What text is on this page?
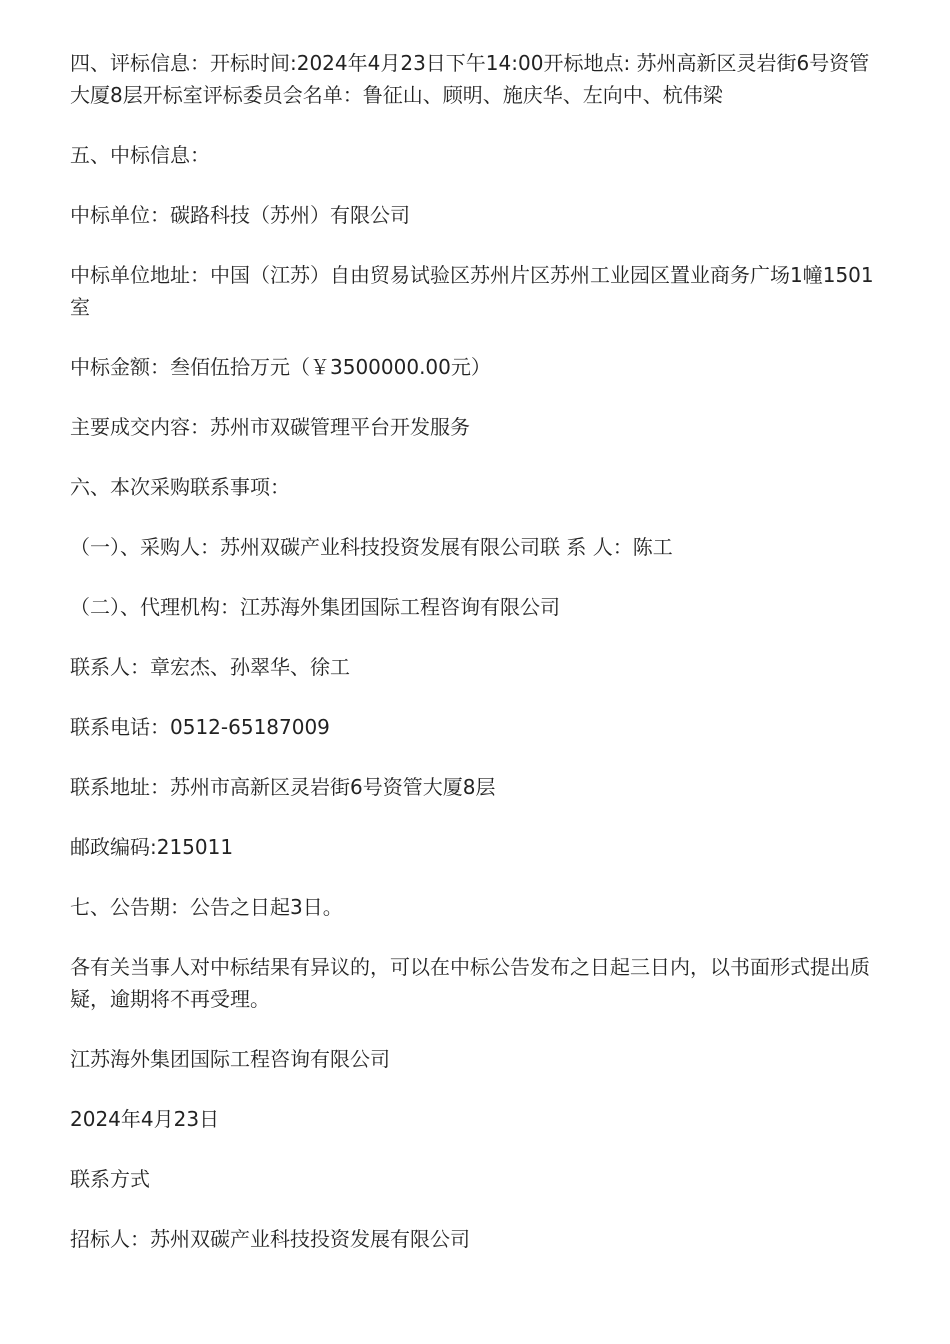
四、评标信息：开标时间:2024年4月23日下午14:00开标地点: 苏州高新区灵岩街6号资管大厦8层开标室评标委员会名单：鲁征山、顾明、施庆华、左向中、杭伟梁

五、中标信息：

中标单位：碳路科技（苏州）有限公司

中标单位地址：中国（江苏）自由贸易试验区苏州片区苏州工业园区置业商务广场1幢1501室

中标金额：叁佰伍拾万元（￥3500000.00元）

主要成交内容：苏州市双碳管理平台开发服务

六、本次采购联系事项：

（一）、采购人：苏州双碳产业科技投资发展有限公司联 系 人：陈工

（二）、代理机构：江苏海外集团国际工程咨询有限公司

联系人：章宏杰、孙翠华、徐工

联系电话：0512-65187009

联系地址：苏州市高新区灵岩街6号资管大厦8层

邮政编码:215011

七、公告期：公告之日起3日。

各有关当事人对中标结果有异议的，可以在中标公告发布之日起三日内，以书面形式提出质疑，逾期将不再受理。

江苏海外集团国际工程咨询有限公司

2024年4月23日

联系方式

招标人：苏州双碳产业科技投资发展有限公司
